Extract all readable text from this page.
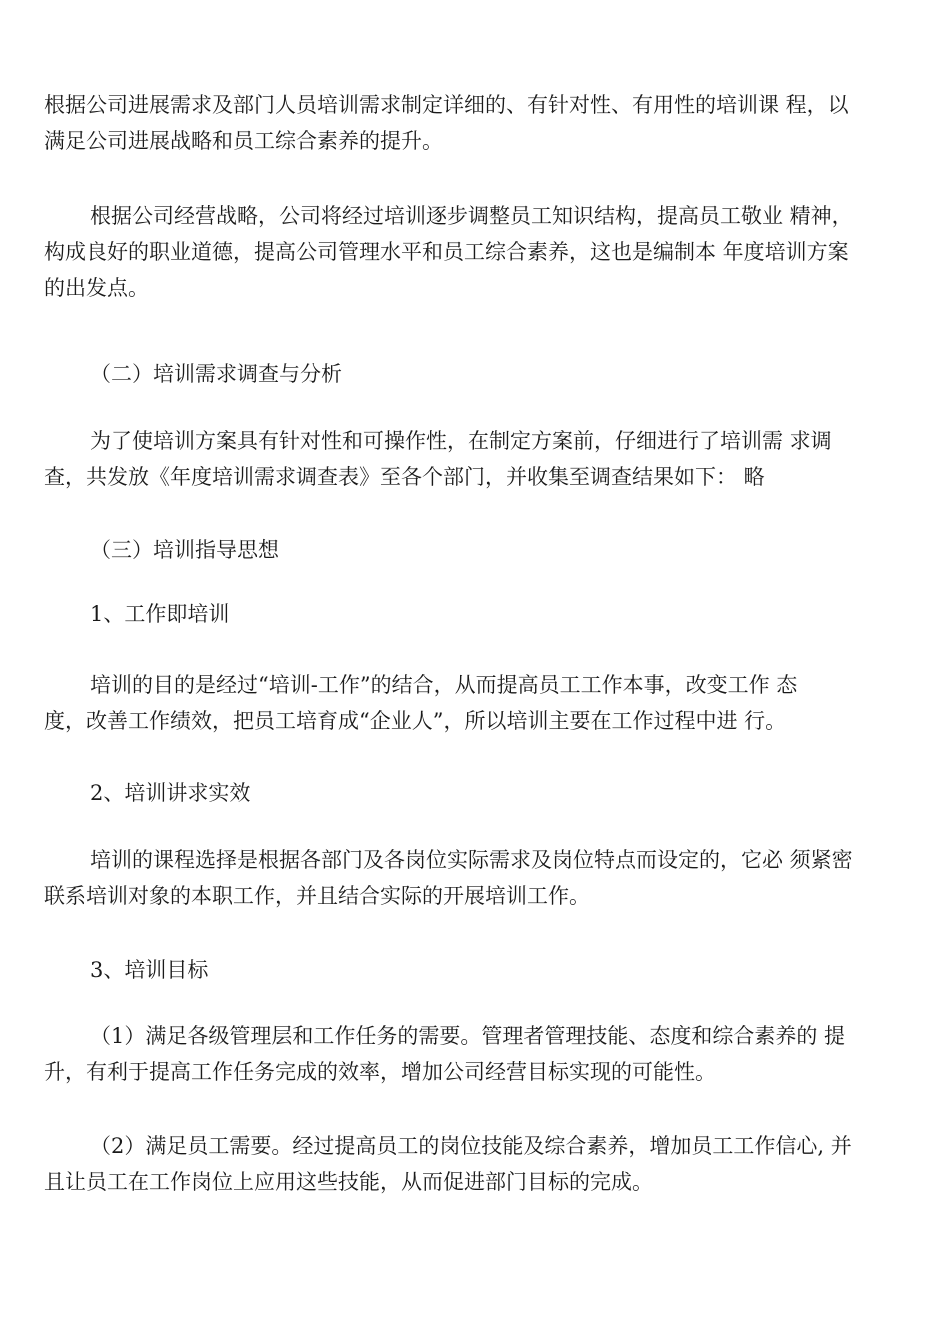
根据公司进展需求及部门人员培训需求制定详细的、有针对性、有用性的培训课 程，以
满足公司进展战略和员工综合素养的提升。

根据公司经营战略，公司将经过培训逐步调整员工知识结构，提高员工敬业 精神，
构成良好的职业道德，提高公司管理水平和员工综合素养，这也是编制本 年度培训方案
的出发点。

（二）培训需求调查与分析

为了使培训方案具有针对性和可操作性，在制定方案前，仔细进行了培训需 求调
查，共发放《年度培训需求调查表》至各个部门，并收集至调查结果如下： 略

（三）培训指导思想

1、工作即培训

培训的目的是经过“培训-工作”的结合，从而提高员工工作本事，改变工作 态
度，改善工作绩效，把员工培育成“企业人”，所以培训主要在工作过程中进 行。

2、培训讲求实效

培训的课程选择是根据各部门及各岗位实际需求及岗位特点而设定的，它必 须紧密
联系培训对象的本职工作，并且结合实际的开展培训工作。

3、培训目标

（1）满足各级管理层和工作任务的需要。管理者管理技能、态度和综合素养的 提
升，有利于提高工作任务完成的效率，增加公司经营目标实现的可能性。

（2）满足员工需要。经过提高员工的岗位技能及综合素养，增加员工工作信心, 并
且让员工在工作岗位上应用这些技能，从而促进部门目标的完成。
